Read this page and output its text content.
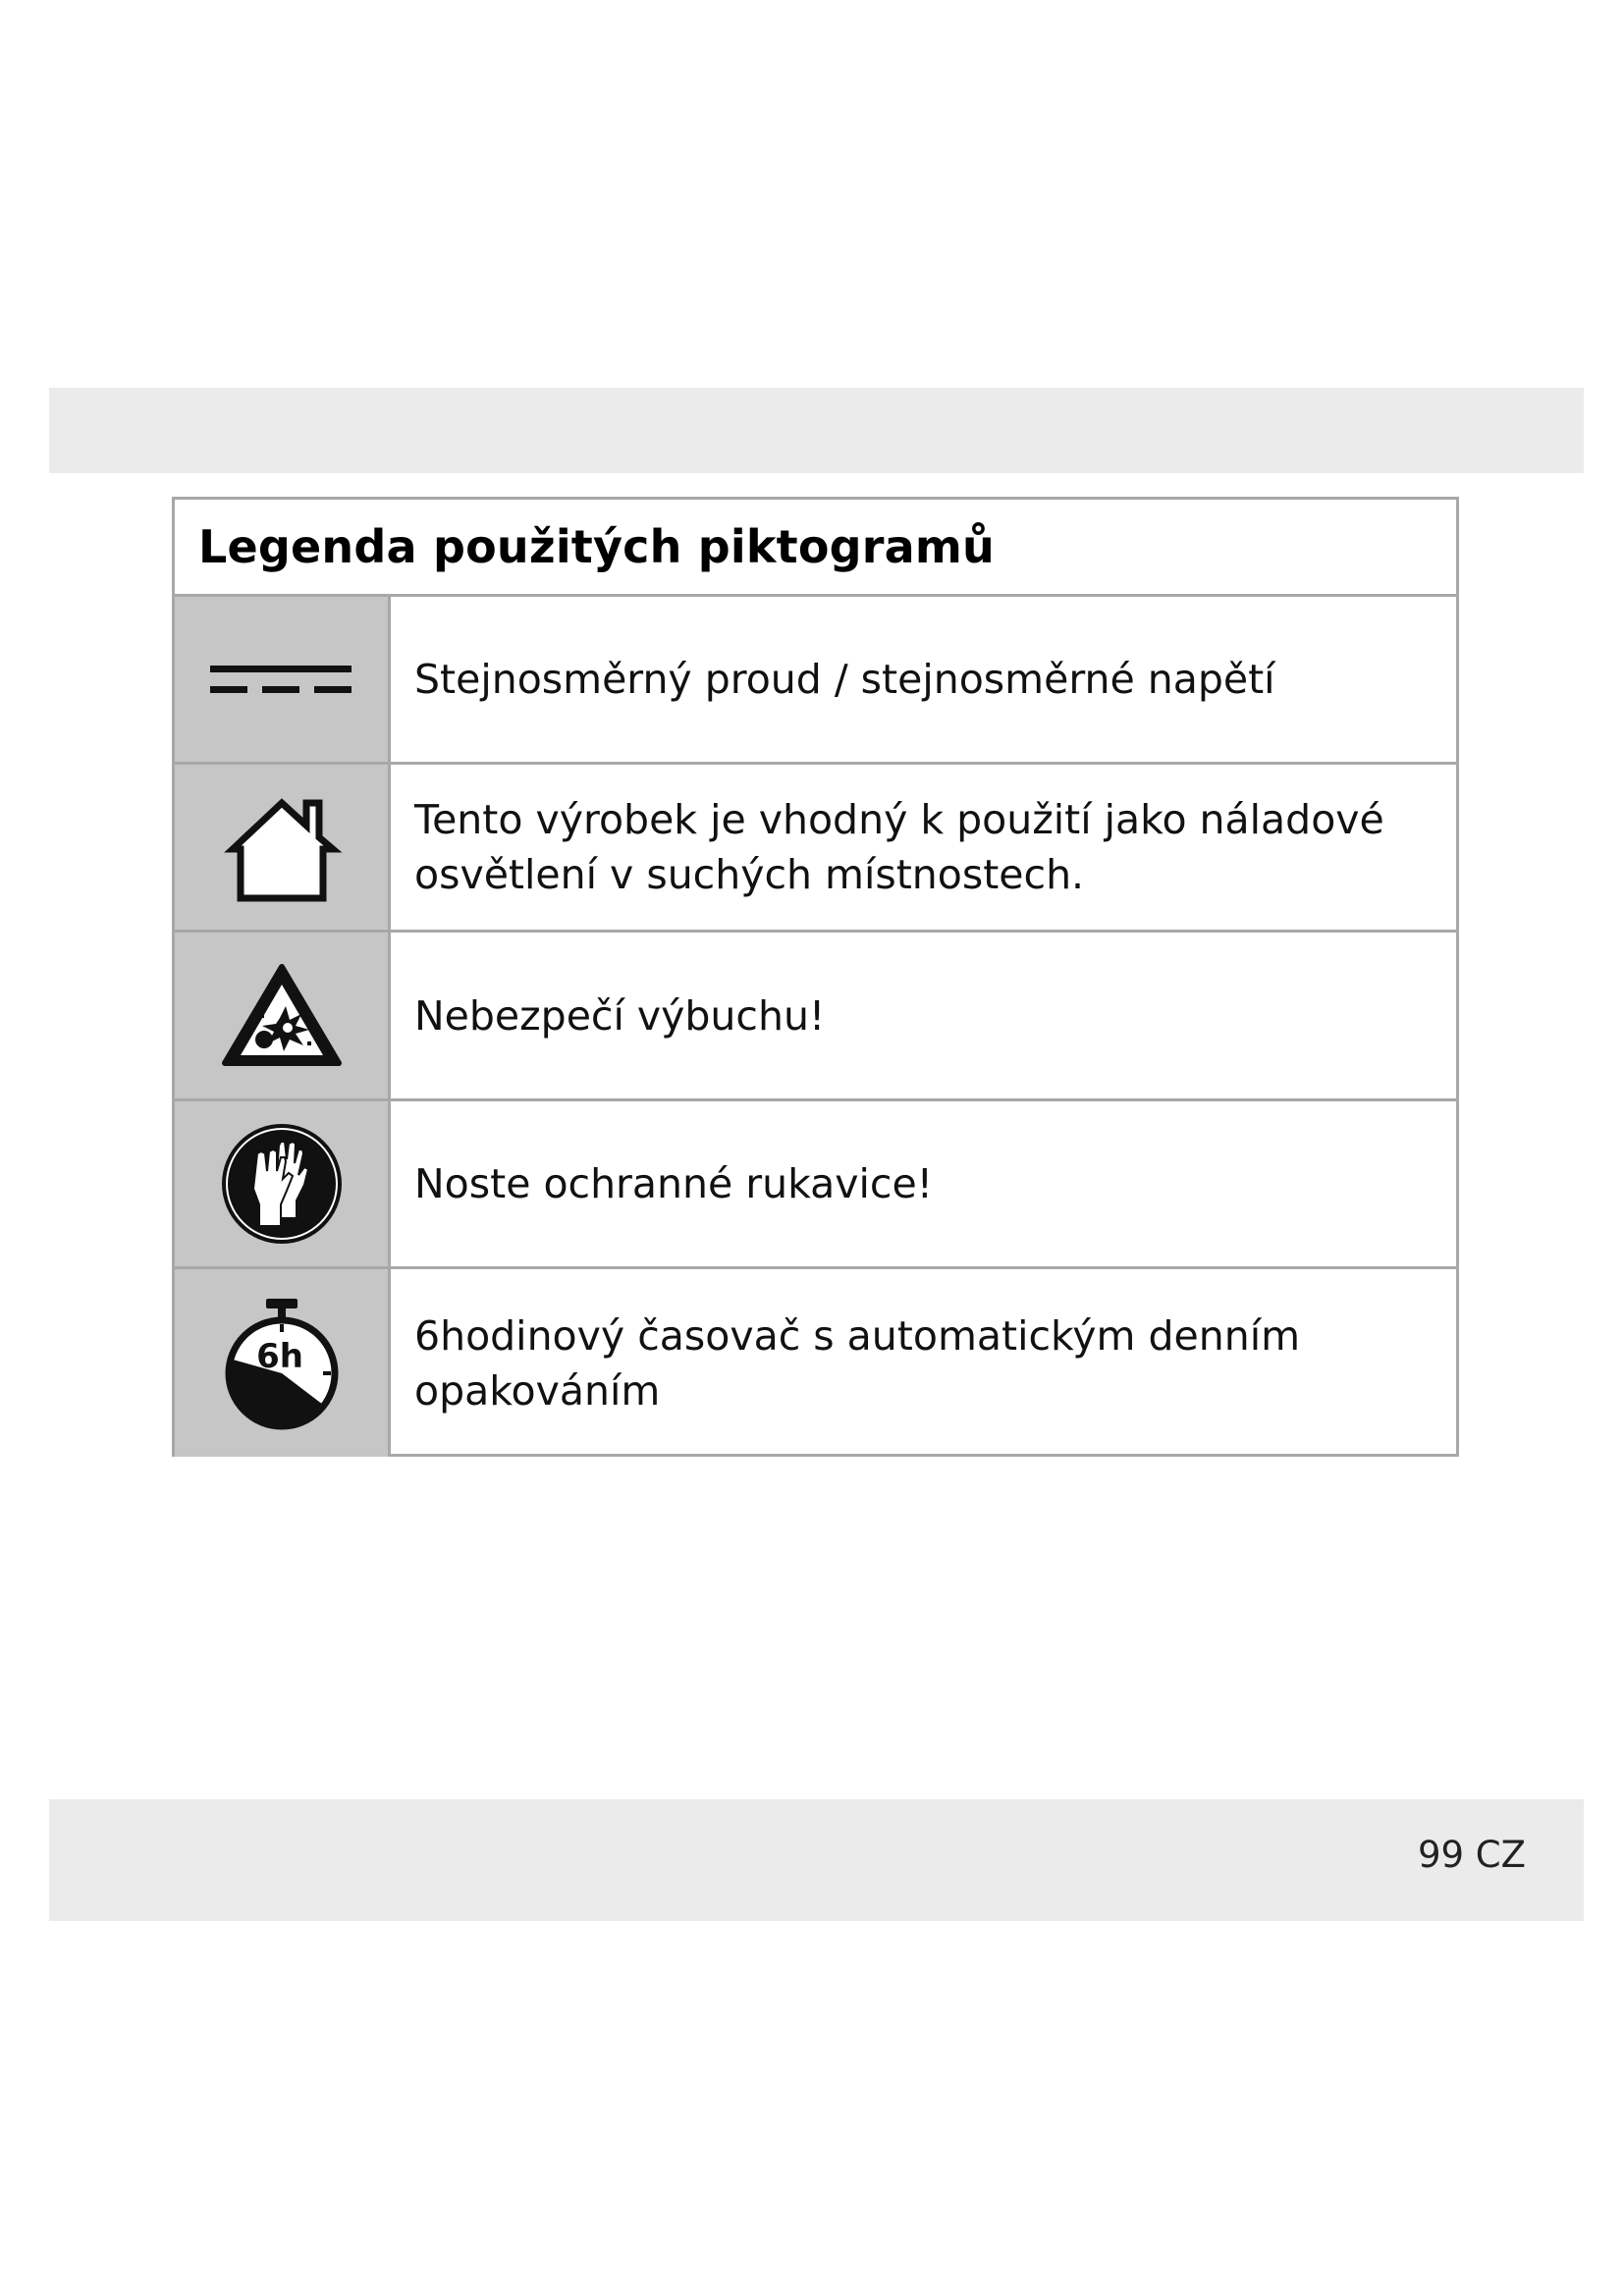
Legenda použitých piktogramů
Stejnosměrný proud / stejnosměrné napětí
Tento výrobek je vhodný k použití jako náladové osvětlení v suchých místnostech.
Nebezpečí výbuchu!
Noste ochranné rukavice!
6h	6hodinový časovač s automatickým denním opakováním
99 CZ
